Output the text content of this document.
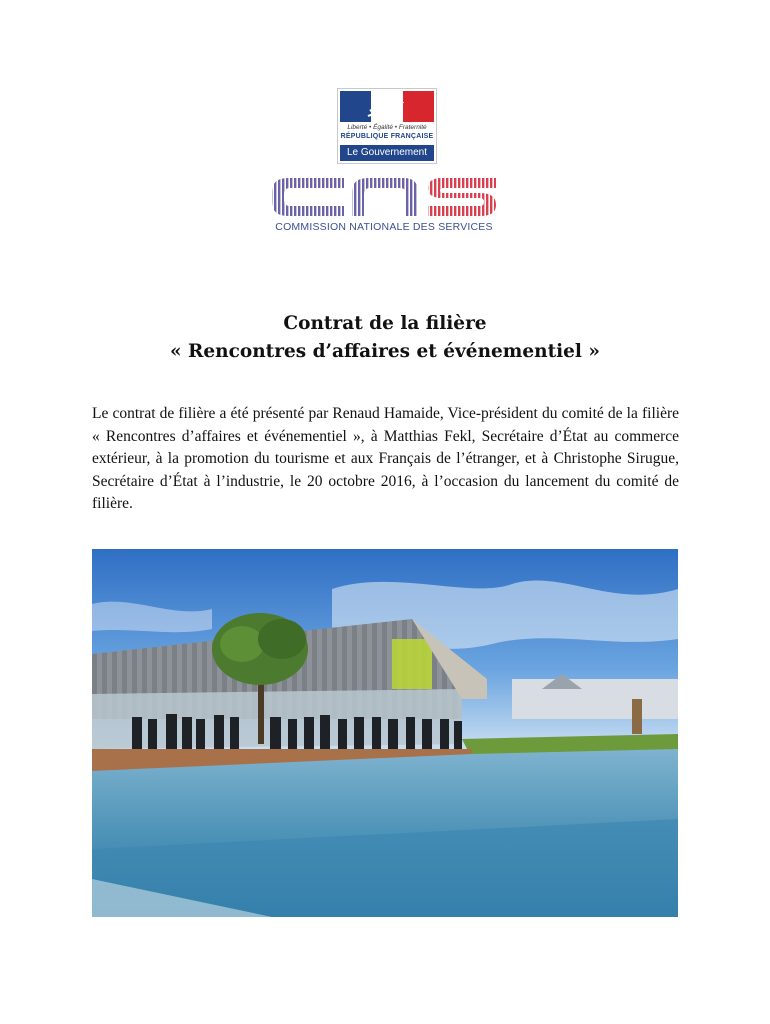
Liberté • Égalité • Fraternité
RÉPUBLIQUE FRANÇAISE
Le Gouvernement
COMMISSION NATIONALE DES SERVICES
Contrat de la filière
« Rencontres d’affaires et événementiel »

Le contrat de filière a été présenté par Renaud Hamaide, Vice-président du comité de la filière « Rencontres d’affaires et événementiel », à Matthias Fekl, Secrétaire d’État au commerce extérieur, à la promotion du tourisme et aux Français de l’étranger, et à Christophe Sirugue, Secrétaire d’État à l’industrie, le 20 octobre 2016, à l’occasion du lancement du comité de filière.
